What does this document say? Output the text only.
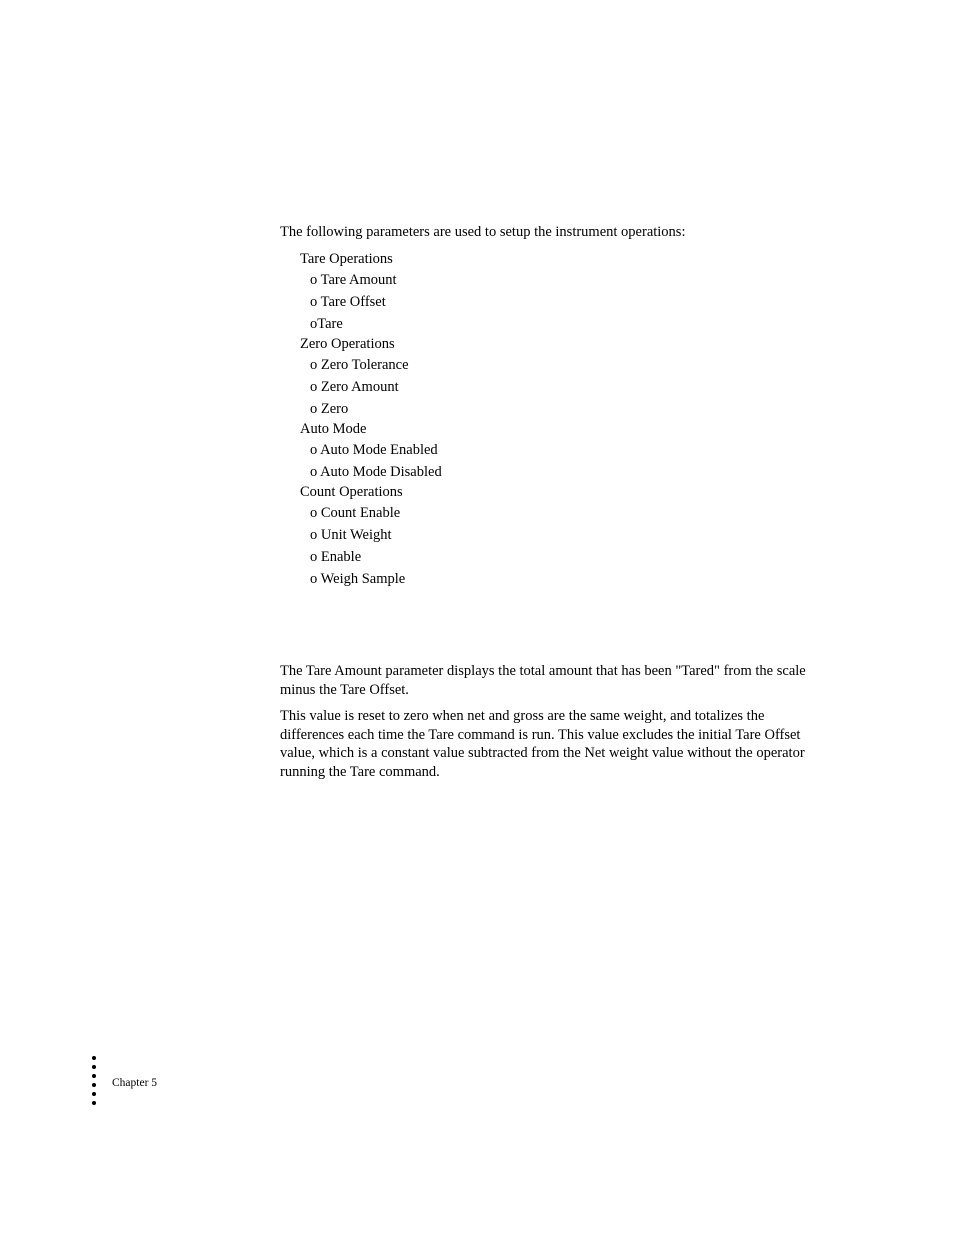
The following parameters are used to setup the instrument operations:

Tare Operations
o Tare Amount
o Tare Offset
oTare
Zero Operations
o Zero Tolerance
o Zero Amount
o Zero
Auto Mode
o Auto Mode Enabled
o Auto Mode Disabled
Count Operations
o Count Enable
o Unit Weight
o Enable
o Weigh Sample

The Tare Amount parameter displays the total amount that has been "Tared" from the scale minus the Tare Offset.

This value is reset to zero when net and gross are the same weight, and totalizes the differences each time the Tare command is run. This value excludes the initial Tare Offset value, which is a constant value subtracted from the Net weight value without the operator running the Tare command.

Chapter 5
